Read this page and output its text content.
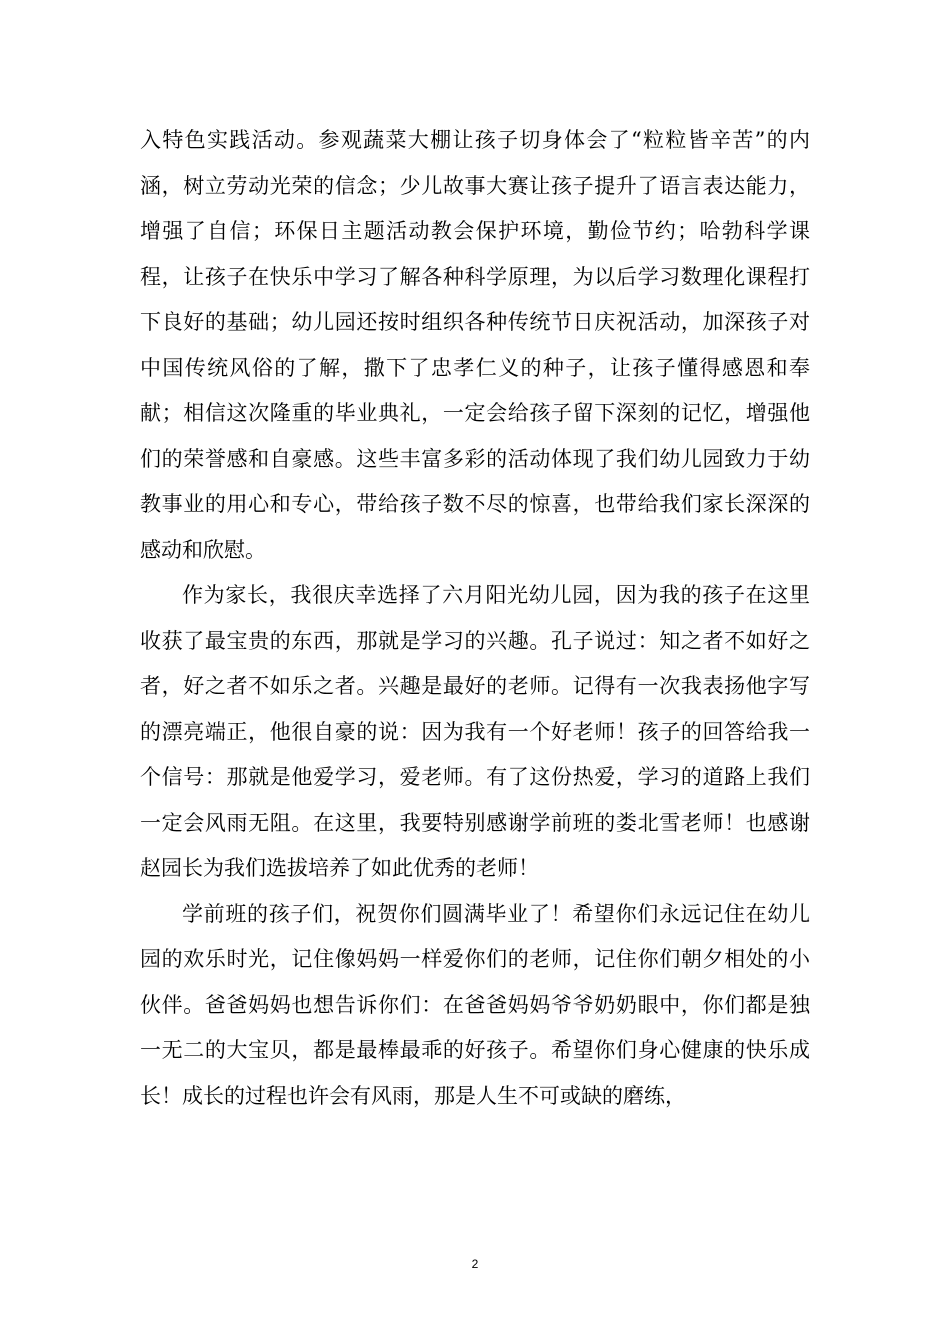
入特色实践活动。参观蔬菜大棚让孩子切身体会了“粒粒皆辛苦”的内涵，树立劳动光荣的信念；少儿故事大赛让孩子提升了语言表达能力，增强了自信；环保日主题活动教会保护环境，勤俭节约；哈勃科学课程，让孩子在快乐中学习了解各种科学原理，为以后学习数理化课程打下良好的基础；幼儿园还按时组织各种传统节日庆祝活动，加深孩子对中国传统风俗的了解，撒下了忠孝仁义的种子，让孩子懂得感恩和奉献；相信这次隆重的毕业典礼，一定会给孩子留下深刻的记忆，增强他们的荣誉感和自豪感。这些丰富多彩的活动体现了我们幼儿园致力于幼教事业的用心和专心，带给孩子数不尽的惊喜，也带给我们家长深深的感动和欣慰。

作为家长，我很庆幸选择了六月阳光幼儿园，因为我的孩子在这里收获了最宝贵的东西，那就是学习的兴趣。孔子说过：知之者不如好之者，好之者不如乐之者。兴趣是最好的老师。记得有一次我表扬他字写的漂亮端正，他很自豪的说：因为我有一个好老师！孩子的回答给我一个信号：那就是他爱学习，爱老师。有了这份热爱，学习的道路上我们一定会风雨无阻。在这里，我要特别感谢学前班的娄北雪老师！也感谢赵园长为我们选拔培养了如此优秀的老师！

学前班的孩子们，祝贺你们圆满毕业了！希望你们永远记住在幼儿园的欢乐时光，记住像妈妈一样爱你们的老师，记住你们朝夕相处的小伙伴。爸爸妈妈也想告诉你们：在爸爸妈妈爷爷奶奶眼中，你们都是独一无二的大宝贝，都是最棒最乖的好孩子。希望你们身心健康的快乐成长！成长的过程也许会有风雨，那是人生不可或缺的磨练，

2
